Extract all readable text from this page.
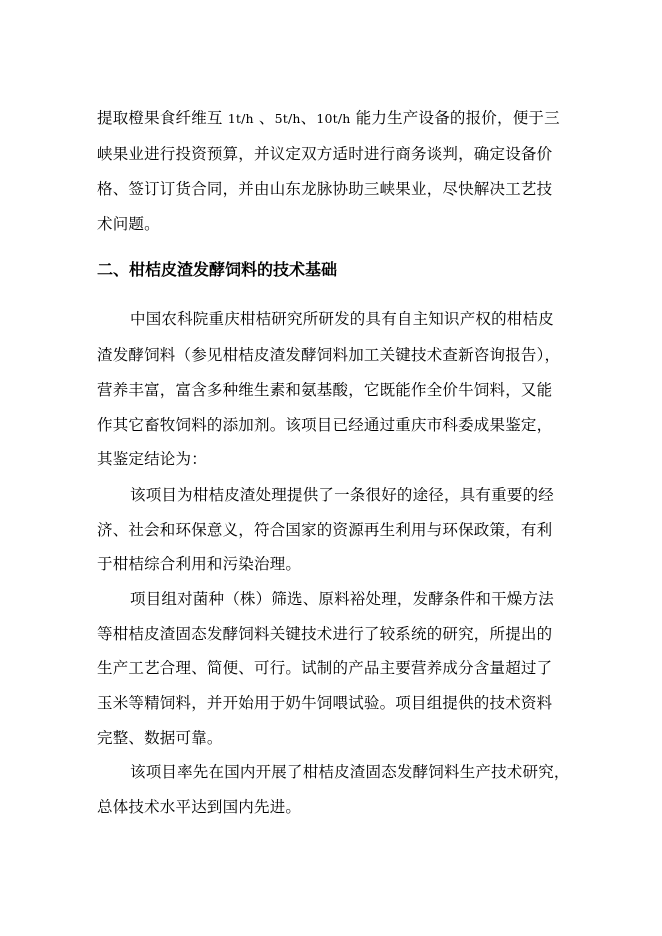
提取橙果食纤维互 1t/h 、5t/h、10t/h 能力生产设备的报价，便于三
峡果业进行投资预算，并议定双方适时进行商务谈判，确定设备价
格、签订订货合同，并由山东龙脉协助三峡果业，尽快解决工艺技
术问题。
二、柑桔皮渣发酵饲料的技术基础
中国农科院重庆柑桔研究所研发的具有自主知识产权的柑桔皮
渣发酵饲料（参见柑桔皮渣发酵饲料加工关键技术查新咨询报告），
营养丰富，富含多种维生素和氨基酸，它既能作全价牛饲料，又能
作其它畜牧饲料的添加剂。该项目已经通过重庆市科委成果鉴定，
其鉴定结论为：
该项目为柑桔皮渣处理提供了一条很好的途径，具有重要的经
济、社会和环保意义，符合国家的资源再生利用与环保政策，有利
于柑桔综合利用和污染治理。
项目组对菌种（株）筛选、原料裕处理，发酵条件和干燥方法
等柑桔皮渣固态发酵饲料关键技术进行了较系统的研究，所提出的
生产工艺合理、简便、可行。试制的产品主要营养成分含量超过了
玉米等精饲料，并开始用于奶牛饲喂试验。项目组提供的技术资料
完整、数据可靠。
该项目率先在国内开展了柑桔皮渣固态发酵饲料生产技术研究，
总体技术水平达到国内先进。
